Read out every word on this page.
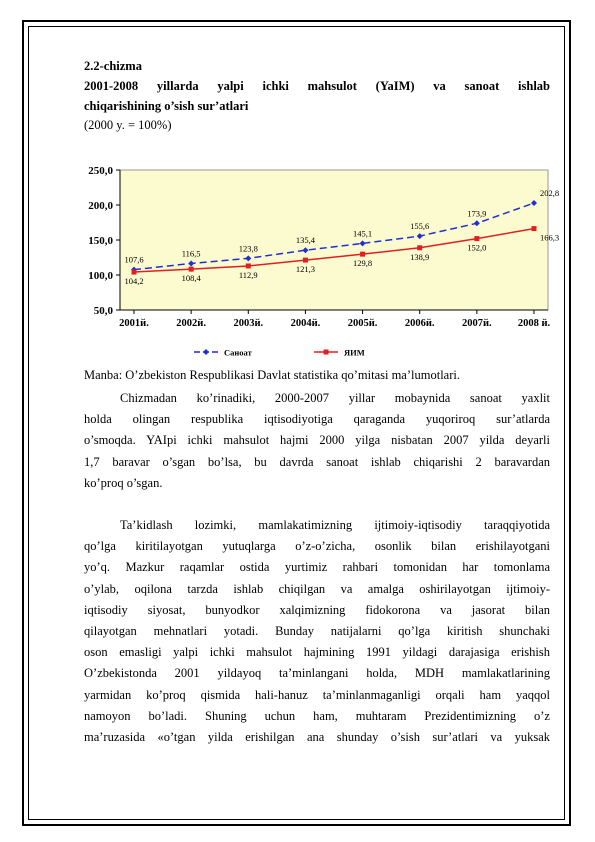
2.2-chizma
2001-2008 yillarda yalpi ichki mahsulot (YaIM) va sanoat ishlab
chiqarishining o’sish sur’atlari
(2000 y. = 100%)
50,0
100,0
150,0
200,0
250,0
2001й.	2002й.	2003й.	2004й.	2005й.	2006й.	2007й. 2008 й.
107,6
116,5
123,8
135,4
145,1
155,6
173,9
202,8
104,2	108,4	112,9
121,3
129,8
138,9
152,0
166,3
Саноат	ЯИМ
Manba: O’zbekiston Respublikasi Davlat statistika qo’mitasi ma’lumotlari.
Chizmadan ko’rinadiki, 2000-2007 yillar mobaynida sanoat yaxlit
holda olingan respublika iqtisodiyotiga qaraganda yuqoriroq sur’atlarda
o’smoqda. YAIpi ichki mahsulot hajmi 2000 yilga nisbatan 2007 yilda deyarli
1,7 baravar o’sgan bo’lsa, bu davrda sanoat ishlab chiqarishi 2 baravardan
ko’proq o’sgan.
Ta’kidlash lozimki, mamlakatimizning ijtimoiy-iqtisodiy taraqqiyotida
qo’lga kiritilayotgan yutuqlarga o’z-o’zicha, osonlik bilan erishilayotgani
yo’q. Mazkur raqamlar ostida yurtimiz rahbari tomonidan har tomonlama
o’ylab, oqilona tarzda ishlab chiqilgan va amalga oshirilayotgan ijtimoiy-
iqtisodiy siyosat, bunyodkor xalqimizning fidokorona va jasorat bilan
qilayotgan mehnatlari yotadi. Bunday natijalarni qo’lga kiritish shunchaki
oson emasligi yalpi ichki mahsulot hajmining 1991 yildagi darajasiga erishish
O’zbekistonda 2001 yildayoq ta’minlangani holda, MDH mamlakatlarining
yarmidan ko’proq qismida hali-hanuz ta’minlanmaganligi orqali ham yaqqol
namoyon bo’ladi. Shuning uchun ham, muhtaram Prezidentimizning o’z
ma’ruzasida «o’tgan yilda erishilgan ana shunday o’sish sur’atlari va yuksak
